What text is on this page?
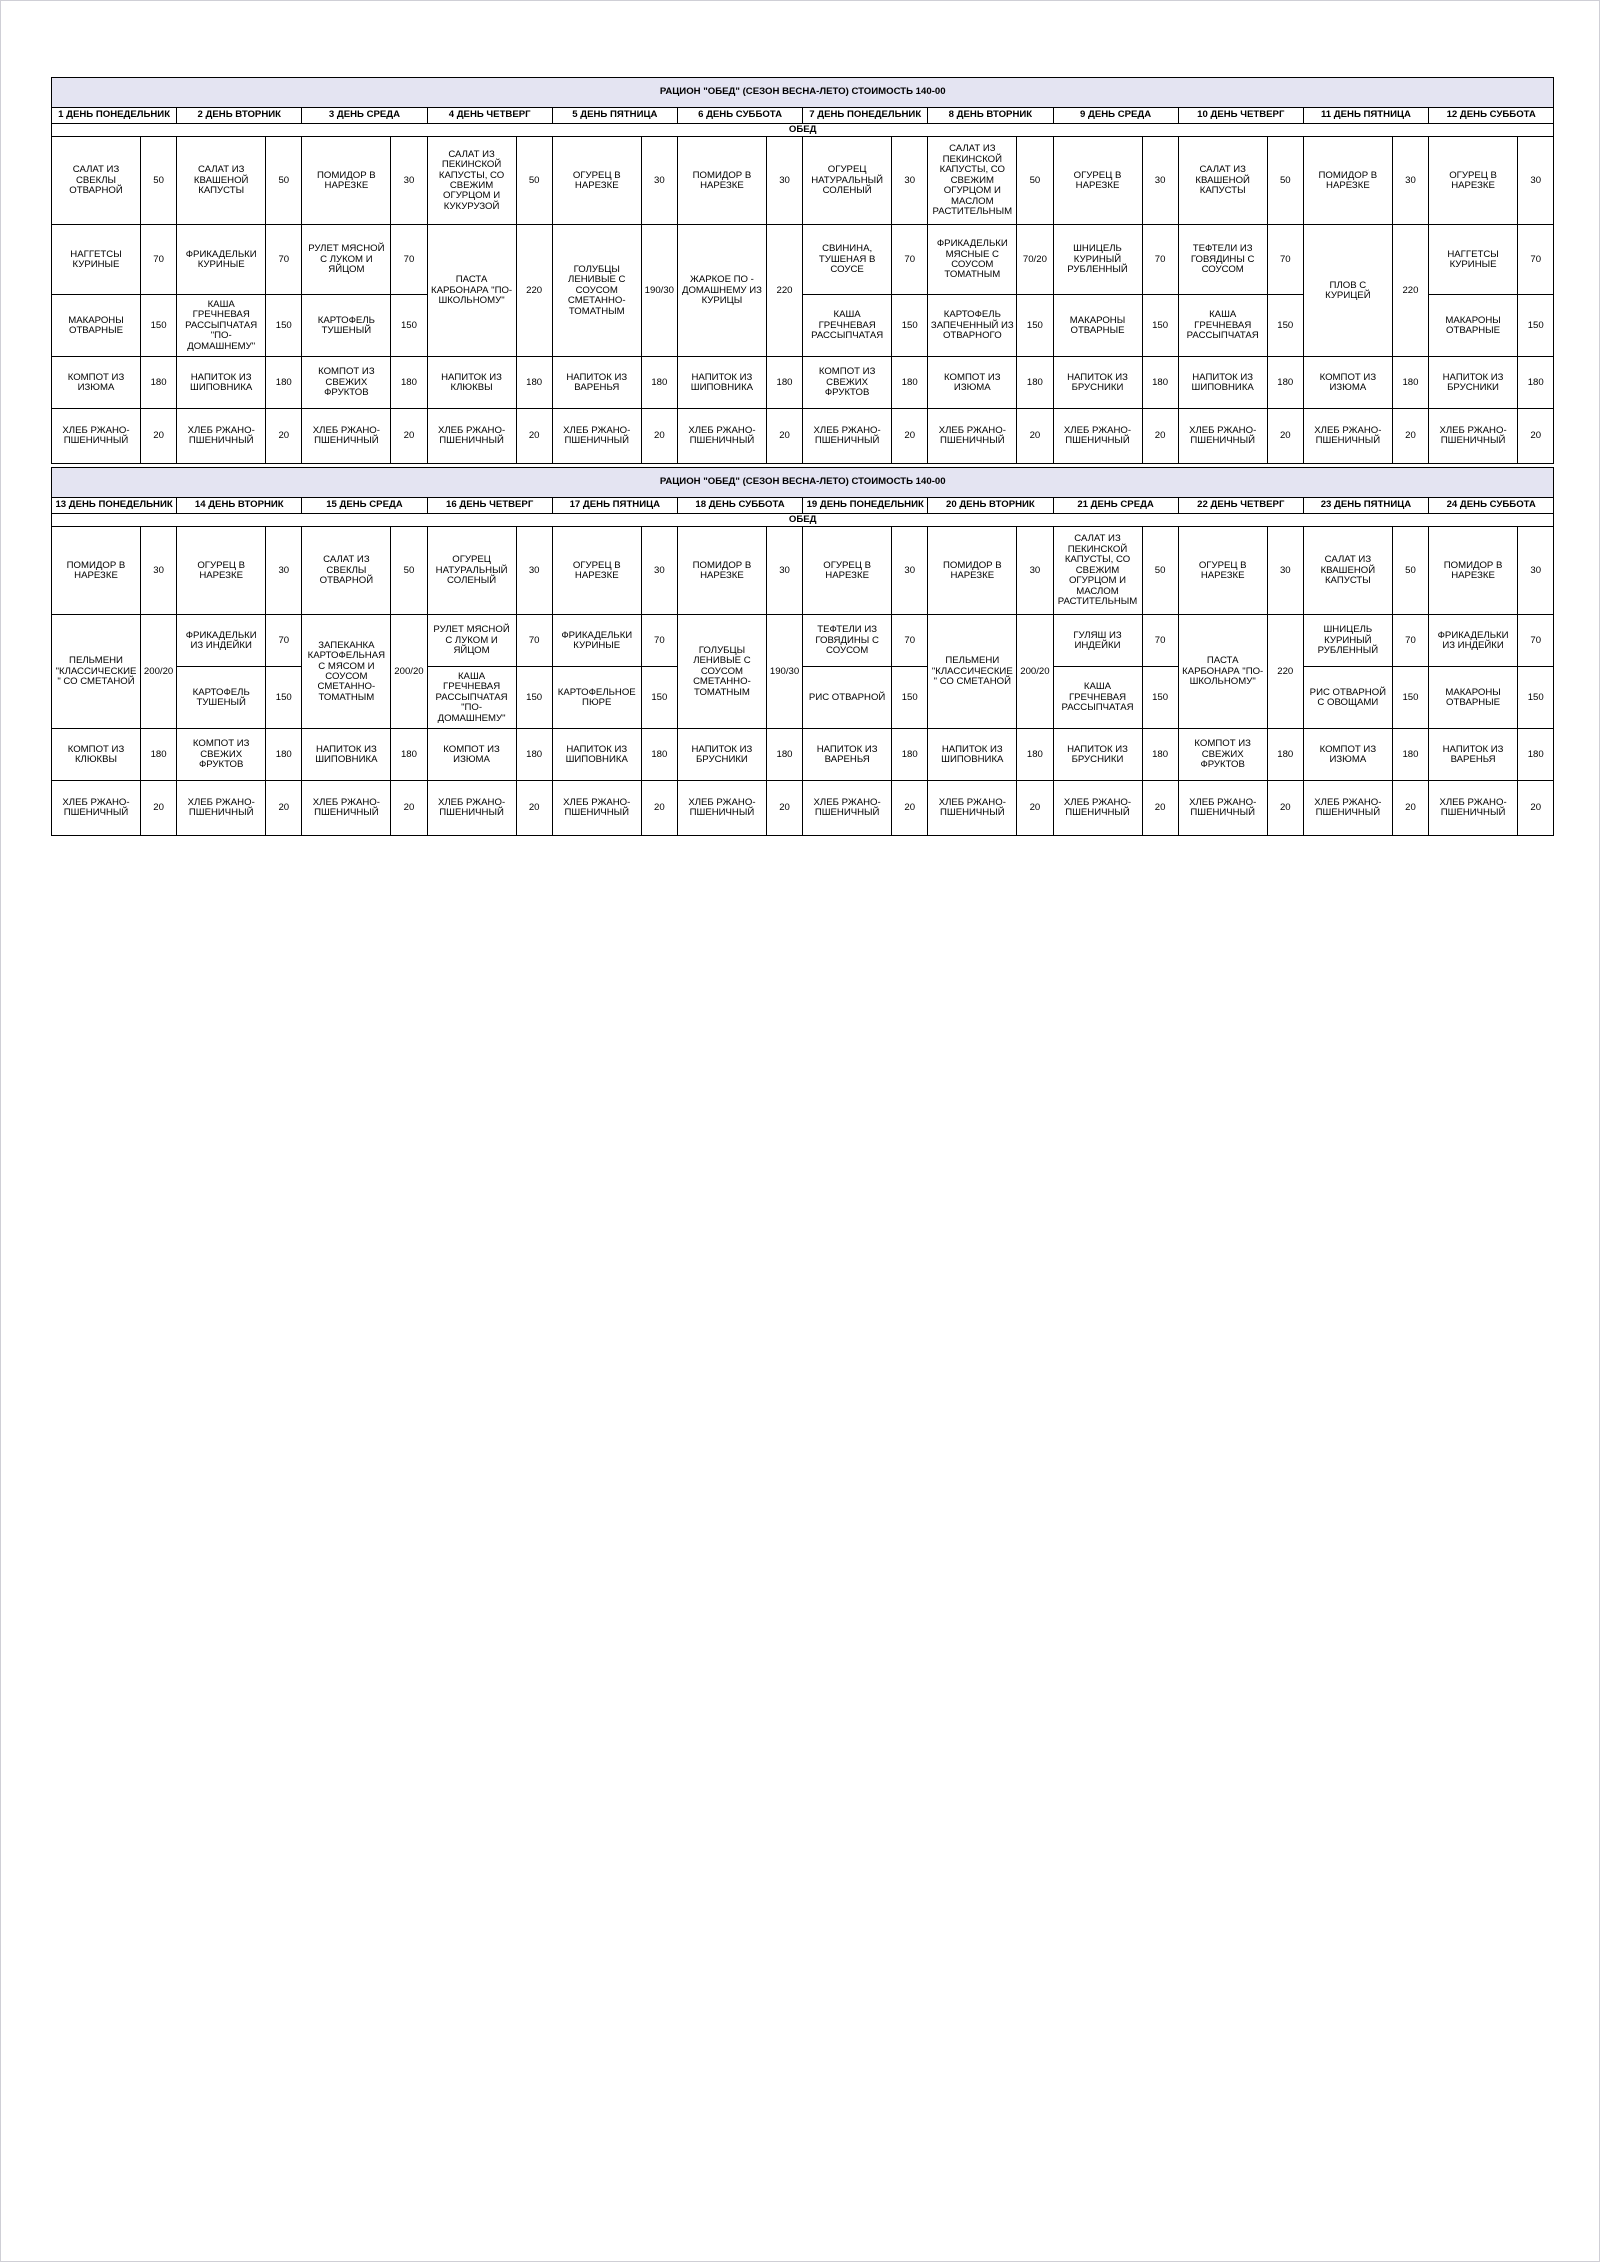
РАЦИОН "ОБЕД" (СЕЗОН ВЕСНА-ЛЕТО) СТОИМОСТЬ 140-00																							
1 ДЕНЬ ПОНЕДЕЛЬНИК		2 ДЕНЬ ВТОРНИК		3 ДЕНЬ СРЕДА		4 ДЕНЬ ЧЕТВЕРГ		5 ДЕНЬ ПЯТНИЦА		6 ДЕНЬ СУББОТА		7 ДЕНЬ ПОНЕДЕЛЬНИК		8 ДЕНЬ ВТОРНИК		9 ДЕНЬ СРЕДА		10 ДЕНЬ ЧЕТВЕРГ		11 ДЕНЬ ПЯТНИЦА		12 ДЕНЬ СУББОТА	
ОБЕД																							
САЛАТ ИЗ СВЕКЛЫ ОТВАРНОЙ	50	САЛАТ ИЗ КВАШЕНОЙ КАПУСТЫ	50	ПОМИДОР В НАРЕЗКЕ	30	САЛАТ ИЗ ПЕКИНСКОЙ КАПУСТЫ, СО СВЕЖИМ ОГУРЦОМ И КУКУРУЗОЙ	50	ОГУРЕЦ В НАРЕЗКЕ	30	ПОМИДОР В НАРЕЗКЕ	30	ОГУРЕЦ НАТУРАЛЬНЫЙ СОЛЕНЫЙ	30	САЛАТ ИЗ ПЕКИНСКОЙ КАПУСТЫ, СО СВЕЖИМ ОГУРЦОМ И МАСЛОМ РАСТИТЕЛЬНЫМ	50	ОГУРЕЦ В НАРЕЗКЕ	30	САЛАТ ИЗ КВАШЕНОЙ КАПУСТЫ	50	ПОМИДОР В НАРЕЗКЕ	30	ОГУРЕЦ В НАРЕЗКЕ	30
НАГГЕТСЫ КУРИНЫЕ	70	ФРИКАДЕЛЬКИ КУРИНЫЕ	70	РУЛЕТ МЯСНОЙ С ЛУКОМ И ЯЙЦОМ	70	ПАСТА КАРБОНАРА "ПО-ШКОЛЬНОМУ"	220	ГОЛУБЦЫ ЛЕНИВЫЕ С СОУСОМ СМЕТАННО-ТОМАТНЫМ	190/30	ЖАРКОЕ ПО - ДОМАШНЕМУ ИЗ КУРИЦЫ	220	СВИНИНА, ТУШЕНАЯ В СОУСЕ	70	ФРИКАДЕЛЬКИ МЯСНЫЕ С СОУСОМ ТОМАТНЫМ	70/20	ШНИЦЕЛЬ КУРИНЫЙ РУБЛЕННЫЙ	70	ТЕФТЕЛИ ИЗ ГОВЯДИНЫ С СОУСОМ	70	ПЛОВ С КУРИЦЕЙ	220	НАГГЕТСЫ КУРИНЫЕ	70
МАКАРОНЫ ОТВАРНЫЕ	150	КАША ГРЕЧНЕВАЯ РАССЫПЧАТАЯ "ПО-ДОМАШНЕМУ"	150	КАРТОФЕЛЬ ТУШЕНЫЙ	150							КАША ГРЕЧНЕВАЯ РАССЫПЧАТАЯ	150	КАРТОФЕЛЬ ЗАПЕЧЕННЫЙ ИЗ ОТВАРНОГО	150	МАКАРОНЫ ОТВАРНЫЕ	150	КАША ГРЕЧНЕВАЯ РАССЫПЧАТАЯ	150			МАКАРОНЫ ОТВАРНЫЕ	150
КОМПОТ ИЗ ИЗЮМА	180	НАПИТОК ИЗ ШИПОВНИКА	180	КОМПОТ ИЗ СВЕЖИХ ФРУКТОВ	180	НАПИТОК ИЗ КЛЮКВЫ	180	НАПИТОК ИЗ ВАРЕНЬЯ	180	НАПИТОК ИЗ ШИПОВНИКА	180	КОМПОТ ИЗ СВЕЖИХ ФРУКТОВ	180	КОМПОТ ИЗ ИЗЮМА	180	НАПИТОК ИЗ БРУСНИКИ	180	НАПИТОК ИЗ ШИПОВНИКА	180	КОМПОТ ИЗ ИЗЮМА	180	НАПИТОК ИЗ БРУСНИКИ	180
ХЛЕБ РЖАНО-ПШЕНИЧНЫЙ	20	ХЛЕБ РЖАНО-ПШЕНИЧНЫЙ	20	ХЛЕБ РЖАНО-ПШЕНИЧНЫЙ	20	ХЛЕБ РЖАНО-ПШЕНИЧНЫЙ	20	ХЛЕБ РЖАНО-ПШЕНИЧНЫЙ	20	ХЛЕБ РЖАНО-ПШЕНИЧНЫЙ	20	ХЛЕБ РЖАНО-ПШЕНИЧНЫЙ	20	ХЛЕБ РЖАНО-ПШЕНИЧНЫЙ	20	ХЛЕБ РЖАНО-ПШЕНИЧНЫЙ	20	ХЛЕБ РЖАНО-ПШЕНИЧНЫЙ	20	ХЛЕБ РЖАНО-ПШЕНИЧНЫЙ	20	ХЛЕБ РЖАНО-ПШЕНИЧНЫЙ	20
РАЦИОН "ОБЕД" (СЕЗОН ВЕСНА-ЛЕТО) СТОИМОСТЬ 140-00																							
13 ДЕНЬ ПОНЕДЕЛЬНИК		14 ДЕНЬ ВТОРНИК		15 ДЕНЬ СРЕДА		16 ДЕНЬ ЧЕТВЕРГ		17 ДЕНЬ ПЯТНИЦА		18 ДЕНЬ СУББОТА		19 ДЕНЬ ПОНЕДЕЛЬНИК		20 ДЕНЬ ВТОРНИК		21 ДЕНЬ СРЕДА		22 ДЕНЬ ЧЕТВЕРГ		23 ДЕНЬ ПЯТНИЦА		24 ДЕНЬ СУББОТА	
ОБЕД																							
ПОМИДОР В НАРЕЗКЕ	30	ОГУРЕЦ В НАРЕЗКЕ	30	САЛАТ ИЗ СВЕКЛЫ ОТВАРНОЙ	50	ОГУРЕЦ НАТУРАЛЬНЫЙ СОЛЕНЫЙ	30	ОГУРЕЦ В НАРЕЗКЕ	30	ПОМИДОР В НАРЕЗКЕ	30	ОГУРЕЦ В НАРЕЗКЕ	30	ПОМИДОР В НАРЕЗКЕ	30	САЛАТ ИЗ ПЕКИНСКОЙ КАПУСТЫ, СО СВЕЖИМ ОГУРЦОМ И МАСЛОМ РАСТИТЕЛЬНЫМ	50	ОГУРЕЦ В НАРЕЗКЕ	30	САЛАТ ИЗ КВАШЕНОЙ КАПУСТЫ	50	ПОМИДОР В НАРЕЗКЕ	30
ПЕЛЬМЕНИ "КЛАССИЧЕСКИЕ" СО СМЕТАНОЙ	200/20	ФРИКАДЕЛЬКИ ИЗ ИНДЕЙКИ	70	ЗАПЕКАНКА КАРТОФЕЛЬНАЯ С МЯСОМ И СОУСОМ СМЕТАННО-ТОМАТНЫМ	200/20	РУЛЕТ МЯСНОЙ С ЛУКОМ И ЯЙЦОМ	70	ФРИКАДЕЛЬКИ КУРИНЫЕ	70	ГОЛУБЦЫ ЛЕНИВЫЕ С СОУСОМ СМЕТАННО-ТОМАТНЫМ	190/30	ТЕФТЕЛИ ИЗ ГОВЯДИНЫ С СОУСОМ	70	ПЕЛЬМЕНИ "КЛАССИЧЕСКИЕ" СО СМЕТАНОЙ	200/20	ГУЛЯШ ИЗ ИНДЕЙКИ	70	ПАСТА КАРБОНАРА "ПО-ШКОЛЬНОМУ"	220	ШНИЦЕЛЬ КУРИНЫЙ РУБЛЕННЫЙ	70	ФРИКАДЕЛЬКИ ИЗ ИНДЕЙКИ	70
		КАРТОФЕЛЬ ТУШЕНЫЙ	150			КАША ГРЕЧНЕВАЯ РАССЫПЧАТАЯ "ПО-ДОМАШНЕМУ"	150	КАРТОФЕЛЬНОЕ ПЮРЕ	150			РИС ОТВАРНОЙ	150			КАША ГРЕЧНЕВАЯ РАССЫПЧАТАЯ	150			РИС ОТВАРНОЙ С ОВОЩАМИ	150	МАКАРОНЫ ОТВАРНЫЕ	150
КОМПОТ ИЗ КЛЮКВЫ	180	КОМПОТ ИЗ СВЕЖИХ ФРУКТОВ	180	НАПИТОК ИЗ ШИПОВНИКА	180	КОМПОТ ИЗ ИЗЮМА	180	НАПИТОК ИЗ ШИПОВНИКА	180	НАПИТОК ИЗ БРУСНИКИ	180	НАПИТОК ИЗ ВАРЕНЬЯ	180	НАПИТОК ИЗ ШИПОВНИКА	180	НАПИТОК ИЗ БРУСНИКИ	180	КОМПОТ ИЗ СВЕЖИХ ФРУКТОВ	180	КОМПОТ ИЗ ИЗЮМА	180	НАПИТОК ИЗ ВАРЕНЬЯ	180
ХЛЕБ РЖАНО-ПШЕНИЧНЫЙ	20	ХЛЕБ РЖАНО-ПШЕНИЧНЫЙ	20	ХЛЕБ РЖАНО-ПШЕНИЧНЫЙ	20	ХЛЕБ РЖАНО-ПШЕНИЧНЫЙ	20	ХЛЕБ РЖАНО-ПШЕНИЧНЫЙ	20	ХЛЕБ РЖАНО-ПШЕНИЧНЫЙ	20	ХЛЕБ РЖАНО-ПШЕНИЧНЫЙ	20	ХЛЕБ РЖАНО-ПШЕНИЧНЫЙ	20	ХЛЕБ РЖАНО-ПШЕНИЧНЫЙ	20	ХЛЕБ РЖАНО-ПШЕНИЧНЫЙ	20	ХЛЕБ РЖАНО-ПШЕНИЧНЫЙ	20	ХЛЕБ РЖАНО-ПШЕНИЧНЫЙ	20
